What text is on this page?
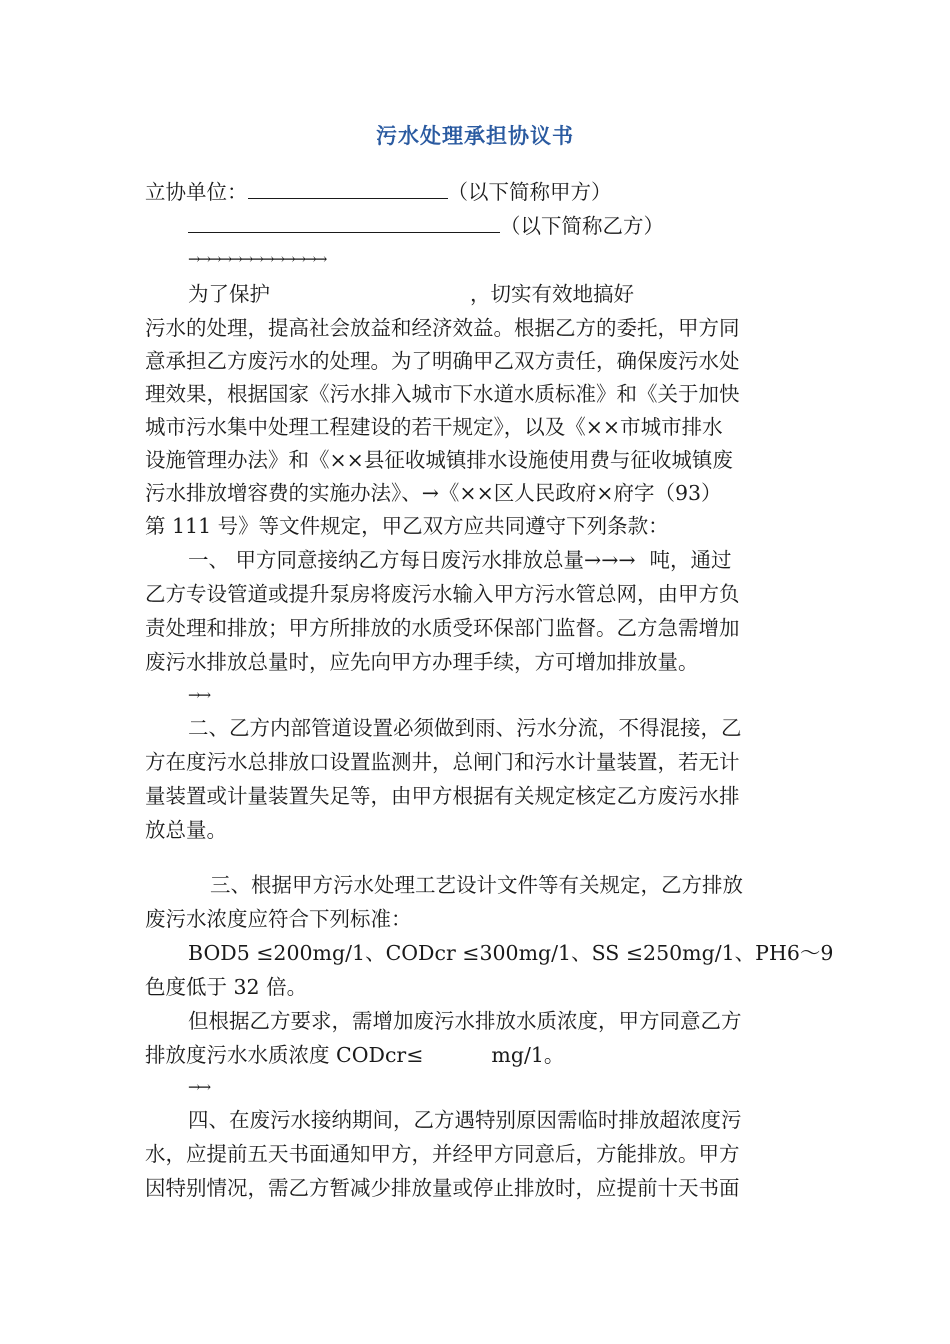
污水处理承担协议书
立协单位：	（以下简称甲方）
（以下简称乙方）
→→→→→→→→→→→→→
为了保护	，切实有效地搞好
污水的处理，提高社会放益和经济效益。根据乙方的委托，甲方同
意承担乙方废污水的处理。为了明确甲乙双方责任，确保废污水处
理效果，根据国家《污水排入城市下水道水质标准》和《关于加快
城市污水集中处理工程建设的若干规定》，以及《××市城市排水
设施管理办法》和《××县征收城镇排水设施使用费与征收城镇废
污水排放增容费的实施办法》、→《××区人民政府×府字（93）
第 111 号》等文件规定，甲乙双方应共同遵守下列条款：
一、 甲方同意接纳乙方每日废污水排放总量→→→ 吨，通过
乙方专设管道或提升泵房将废污水输入甲方污水管总网，由甲方负
责处理和排放；甲方所排放的水质受环保部门监督。乙方急需增加
废污水排放总量时，应先向甲方办理手续，方可增加排放量。
→→
二、乙方内部管道设置必须做到雨、污水分流，不得混接，乙
方在度污水总排放口设置监测井，总闸门和污水计量装置，若无计
量装置或计量装置失足等，由甲方根据有关规定核定乙方废污水排
放总量。
三、根据甲方污水处理工艺设计文件等有关规定，乙方排放
废污水浓度应符合下列标准：
BOD5 ≤200mg/1、CODcr ≤300mg/1、SS ≤250mg/1、PH6～9
色度低于 32 倍。
但根据乙方要求，需增加废污水排放水质浓度，甲方同意乙方
排放度污水水质浓度 CODcr≤	mg/1。
→→
四、在废污水接纳期间，乙方遇特别原因需临时排放超浓度污
水，应提前五天书面通知甲方，并经甲方同意后，方能排放。甲方
因特别情况，需乙方暂减少排放量或停止排放时，应提前十天书面
